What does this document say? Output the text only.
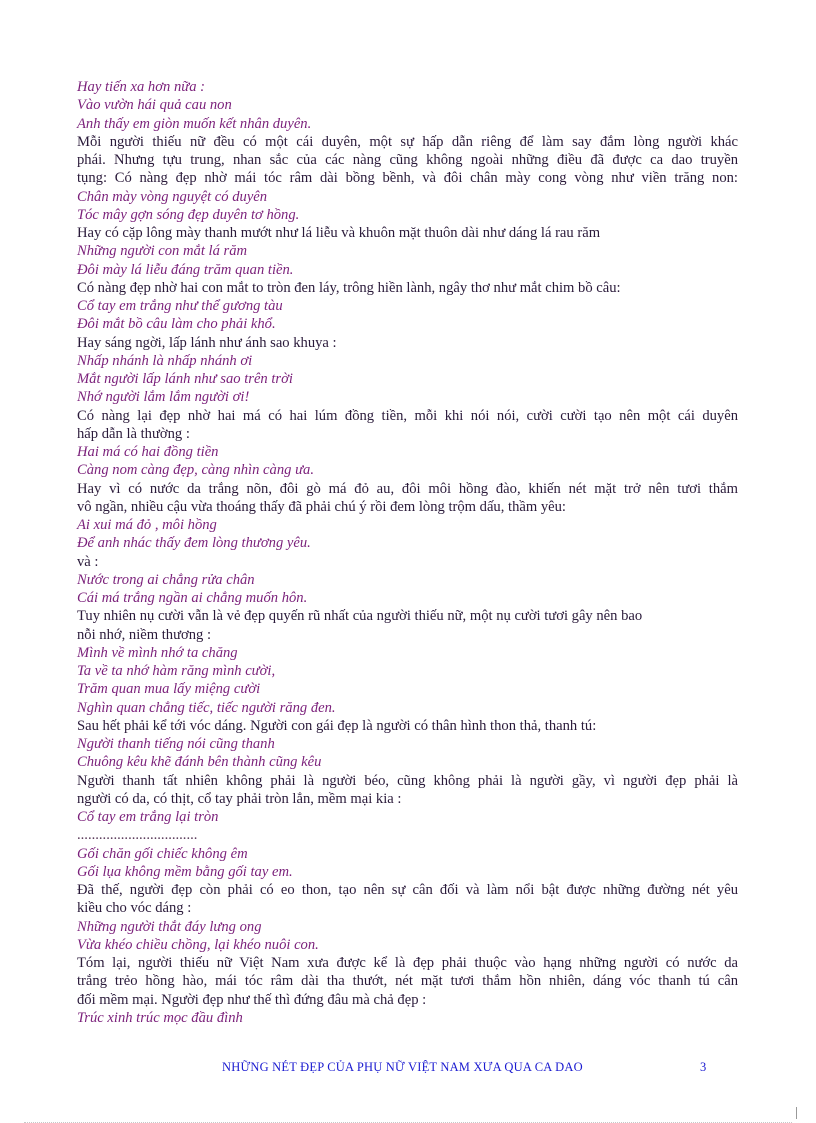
Hay tiến xa hơn nữa :
Vào vườn hái quả cau non
Anh thấy em giòn muốn kết nhân duyên.
Mỗi người thiếu nữ đều có một cái duyên, một sự hấp dẫn riêng để làm say đắm lòng người khác
phái. Nhưng tựu trung, nhan sắc của các nàng cũng không ngoài những điều đã được ca dao truyền
tụng: Có nàng đẹp nhờ mái tóc râm dài bồng bềnh, và đôi chân mày cong vòng như viền trăng non:
Chân mày vòng nguyệt có duyên
Tóc mây gợn sóng đẹp duyên tơ hồng.
Hay có cặp lông mày thanh mướt như lá liễu và khuôn mặt thuôn dài như dáng lá rau răm
Những người con mắt lá răm
Đôi mày lá liễu đáng trăm quan tiền.
Có nàng đẹp nhờ hai con mắt to tròn đen láy, trông hiền lành, ngây thơ như mắt chim bồ câu:
Cổ tay em trắng như thể gương tàu
Đôi mắt bồ câu làm cho phải khổ.
Hay sáng ngời, lấp lánh như ánh sao khuya :
Nhấp nhánh là nhấp nhánh ơi
Mắt người lấp lánh như sao trên trời
Nhớ người lắm lắm người ơi!
Có nàng lại đẹp nhờ hai má có hai lúm đồng tiền, mỗi khi nói nói, cười cười tạo nên một cái duyên
hấp dẫn là thường :
Hai má có hai đồng tiền
Càng nom càng đẹp, càng nhìn càng ưa.
Hay vì có nước da trắng nõn, đôi gò má đỏ au, đôi môi hồng đào, khiến nét mặt trở nên tươi thắm
vô ngần, nhiều cậu vừa thoáng thấy đã phải chú ý rồi đem lòng trộm dấu, thầm yêu:
Ai xui má đỏ , môi hồng
Để anh nhác thấy đem lòng thương yêu.
và :
Nước trong ai chẳng rửa chân
Cái má trắng ngần ai chẳng muốn hôn.
Tuy nhiên nụ cười vẫn là vẻ đẹp quyến rũ nhất của người thiếu nữ, một nụ cười tươi gây nên bao
nỗi nhớ, niềm thương :
Mình về mình nhớ ta chăng
Ta về ta nhớ hàm răng mình cười,
Trăm quan mua lấy miệng cười
Nghìn quan chẳng tiếc, tiếc người răng đen.
Sau hết phải kể tới vóc dáng. Người con gái đẹp là người có thân hình thon thả, thanh tú:
Người thanh tiếng nói cũng thanh
Chuông kêu khẽ đánh bên thành cũng kêu
Người thanh tất nhiên không phải là người béo, cũng không phải là người gầy, vì người đẹp phải là
người có da, có thịt, cổ tay phải tròn lẳn, mềm mại kia :
Cổ tay em trắng lại tròn
.................................
Gối chăn gối chiếc không êm
Gối lụa không mềm bằng gối tay em.
Đã thế, người đẹp còn phải có eo thon, tạo nên sự cân đối và làm nổi bật được những đường nét yêu
kiều cho vóc dáng :
Những người thắt đáy lưng ong
Vừa khéo chiều chồng, lại khéo nuôi con.
Tóm lại, người thiếu nữ Việt Nam xưa được kể là đẹp phải thuộc vào hạng những người có nước da
trắng trẻo hồng hào, mái tóc râm dài tha thướt, nét mặt tươi thắm hồn nhiên, dáng vóc thanh tú cân
đối mềm mại. Người đẹp như thế thì đứng đâu mà chả đẹp :
Trúc xinh trúc mọc đầu đình
NHỮNG NÉT ĐẸP CỦA PHỤ NỮ VIỆT NAM XƯA QUA CA DAO	3
